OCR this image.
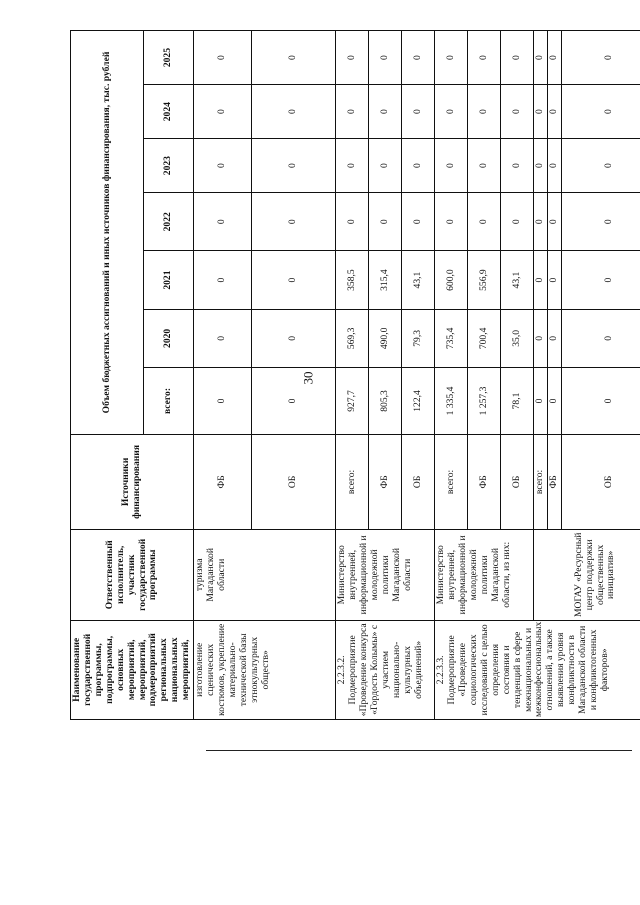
30
Наименование государственной программы, подпрограммы, основных мероприятий, мероприятий, подмероприятий региональных национальных мероприятий,	Ответственный исполнитель, участник государственной программы	Источники финансирования	Объем бюджетных ассигнований и иных источников финансирования, тыс. рублей						
			всего:	2020	2021	2022	2023	2024	2025
изготовление сценических костюмов, укрепление материально-технической базы этнокультурных обществ»	туризма Магаданской области	ФБ	0	0	0	0	0	0	0
		ОБ	0	0	0	0	0	0	0
2.2.3.2. Подмероприятие «Проведение конкурса «Гордость Колымы» с участием национально-культурных объединений»	Министерство внутренней, информационной и молодежной политики Магаданской области	всего:	927,7	569,3	358,5	0	0	0	0
		ФБ	805,3	490,0	315,4	0	0	0	0
		ОБ	122,4	79,3	43,1	0	0	0	0
2.2.3.3. Подмероприятие «Проведение социологических исследований с целью определения состояния и тенденций в сфере межнациональных и межконфессиональных отношений, а также выявления уровня конфликтности в Магаданской области и конфликтогенных факторов»	Министерство внутренней, информационной и молодежной политики Магаданской области, из них:	всего:	1 335,4	735,4	600,0	0	0	0	0
		ФБ	1 257,3	700,4	556,9	0	0	0	0
		ОБ	78,1	35,0	43,1	0	0	0	0
	МОГАУ «Ресурсный центр поддержки общественных инициатив»	всего:	0	0	0	0	0	0	0
		ФБ	0	0	0	0	0	0	0
		ОБ	0	0	0	0	0	0	0
